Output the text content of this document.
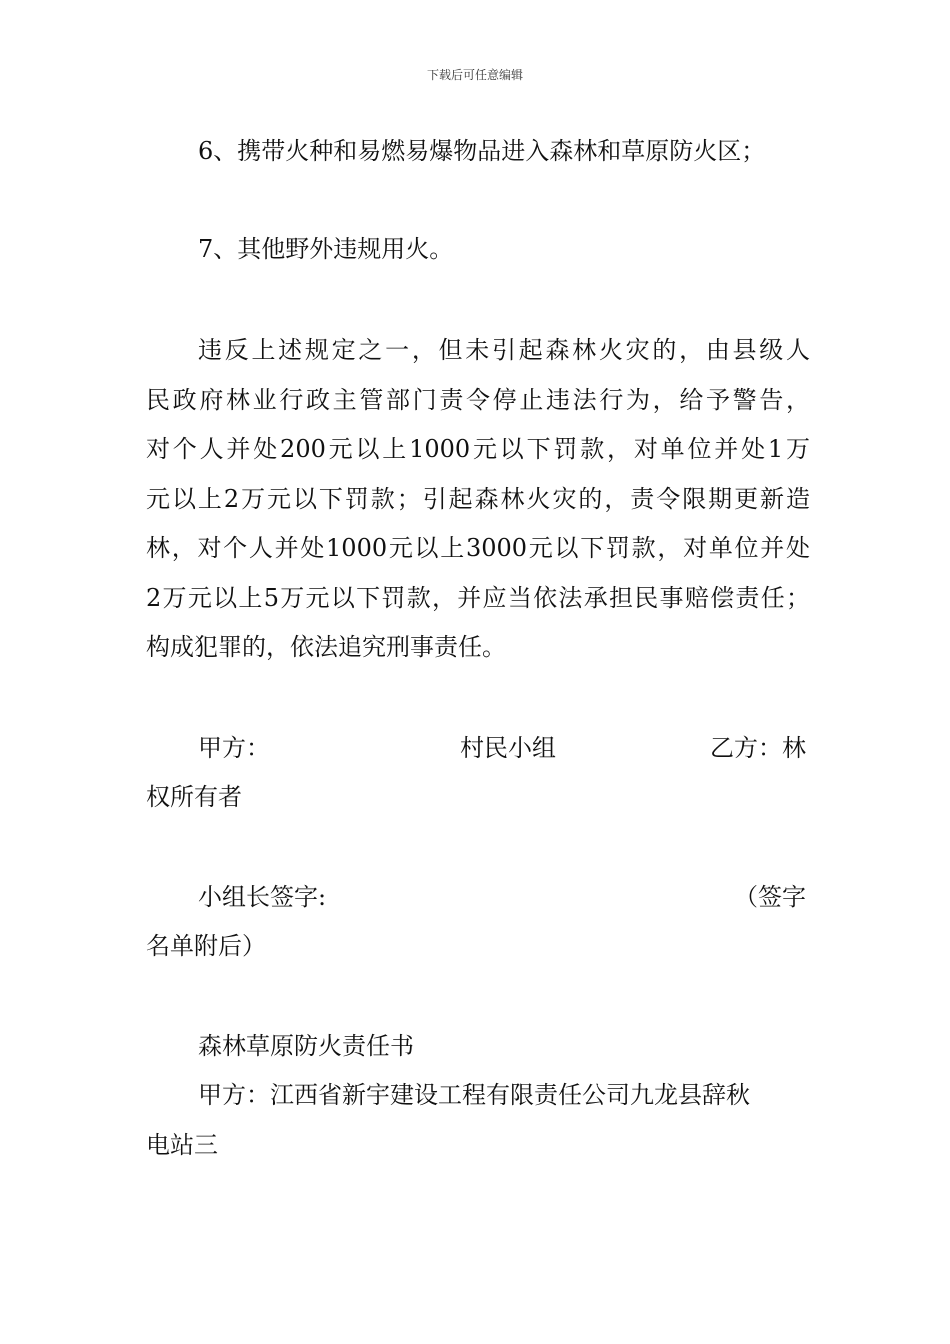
下载后可任意编辑
6、携带火种和易燃易爆物品进入森林和草原防火区；
7、其他野外违规用火。
违反上述规定之一，但未引起森林火灾的，由县级人
民政府林业行政主管部门责令停止违法行为，给予警告，
对个人并处200元以上1000元以下罚款，对单位并处1万
元以上2万元以下罚款；引起森林火灾的，责令限期更新造
林，对个人并处1000元以上3000元以下罚款，对单位并处
2万元以上5万元以下罚款，并应当依法承担民事赔偿责任；
构成犯罪的，依法追究刑事责任。
甲方：	村民小组	乙方：林
权所有者
小组长签字:	（签字
名单附后）
森林草原防火责任书
甲方：江西省新宇建设工程有限责任公司九龙县辞秋
电站三
